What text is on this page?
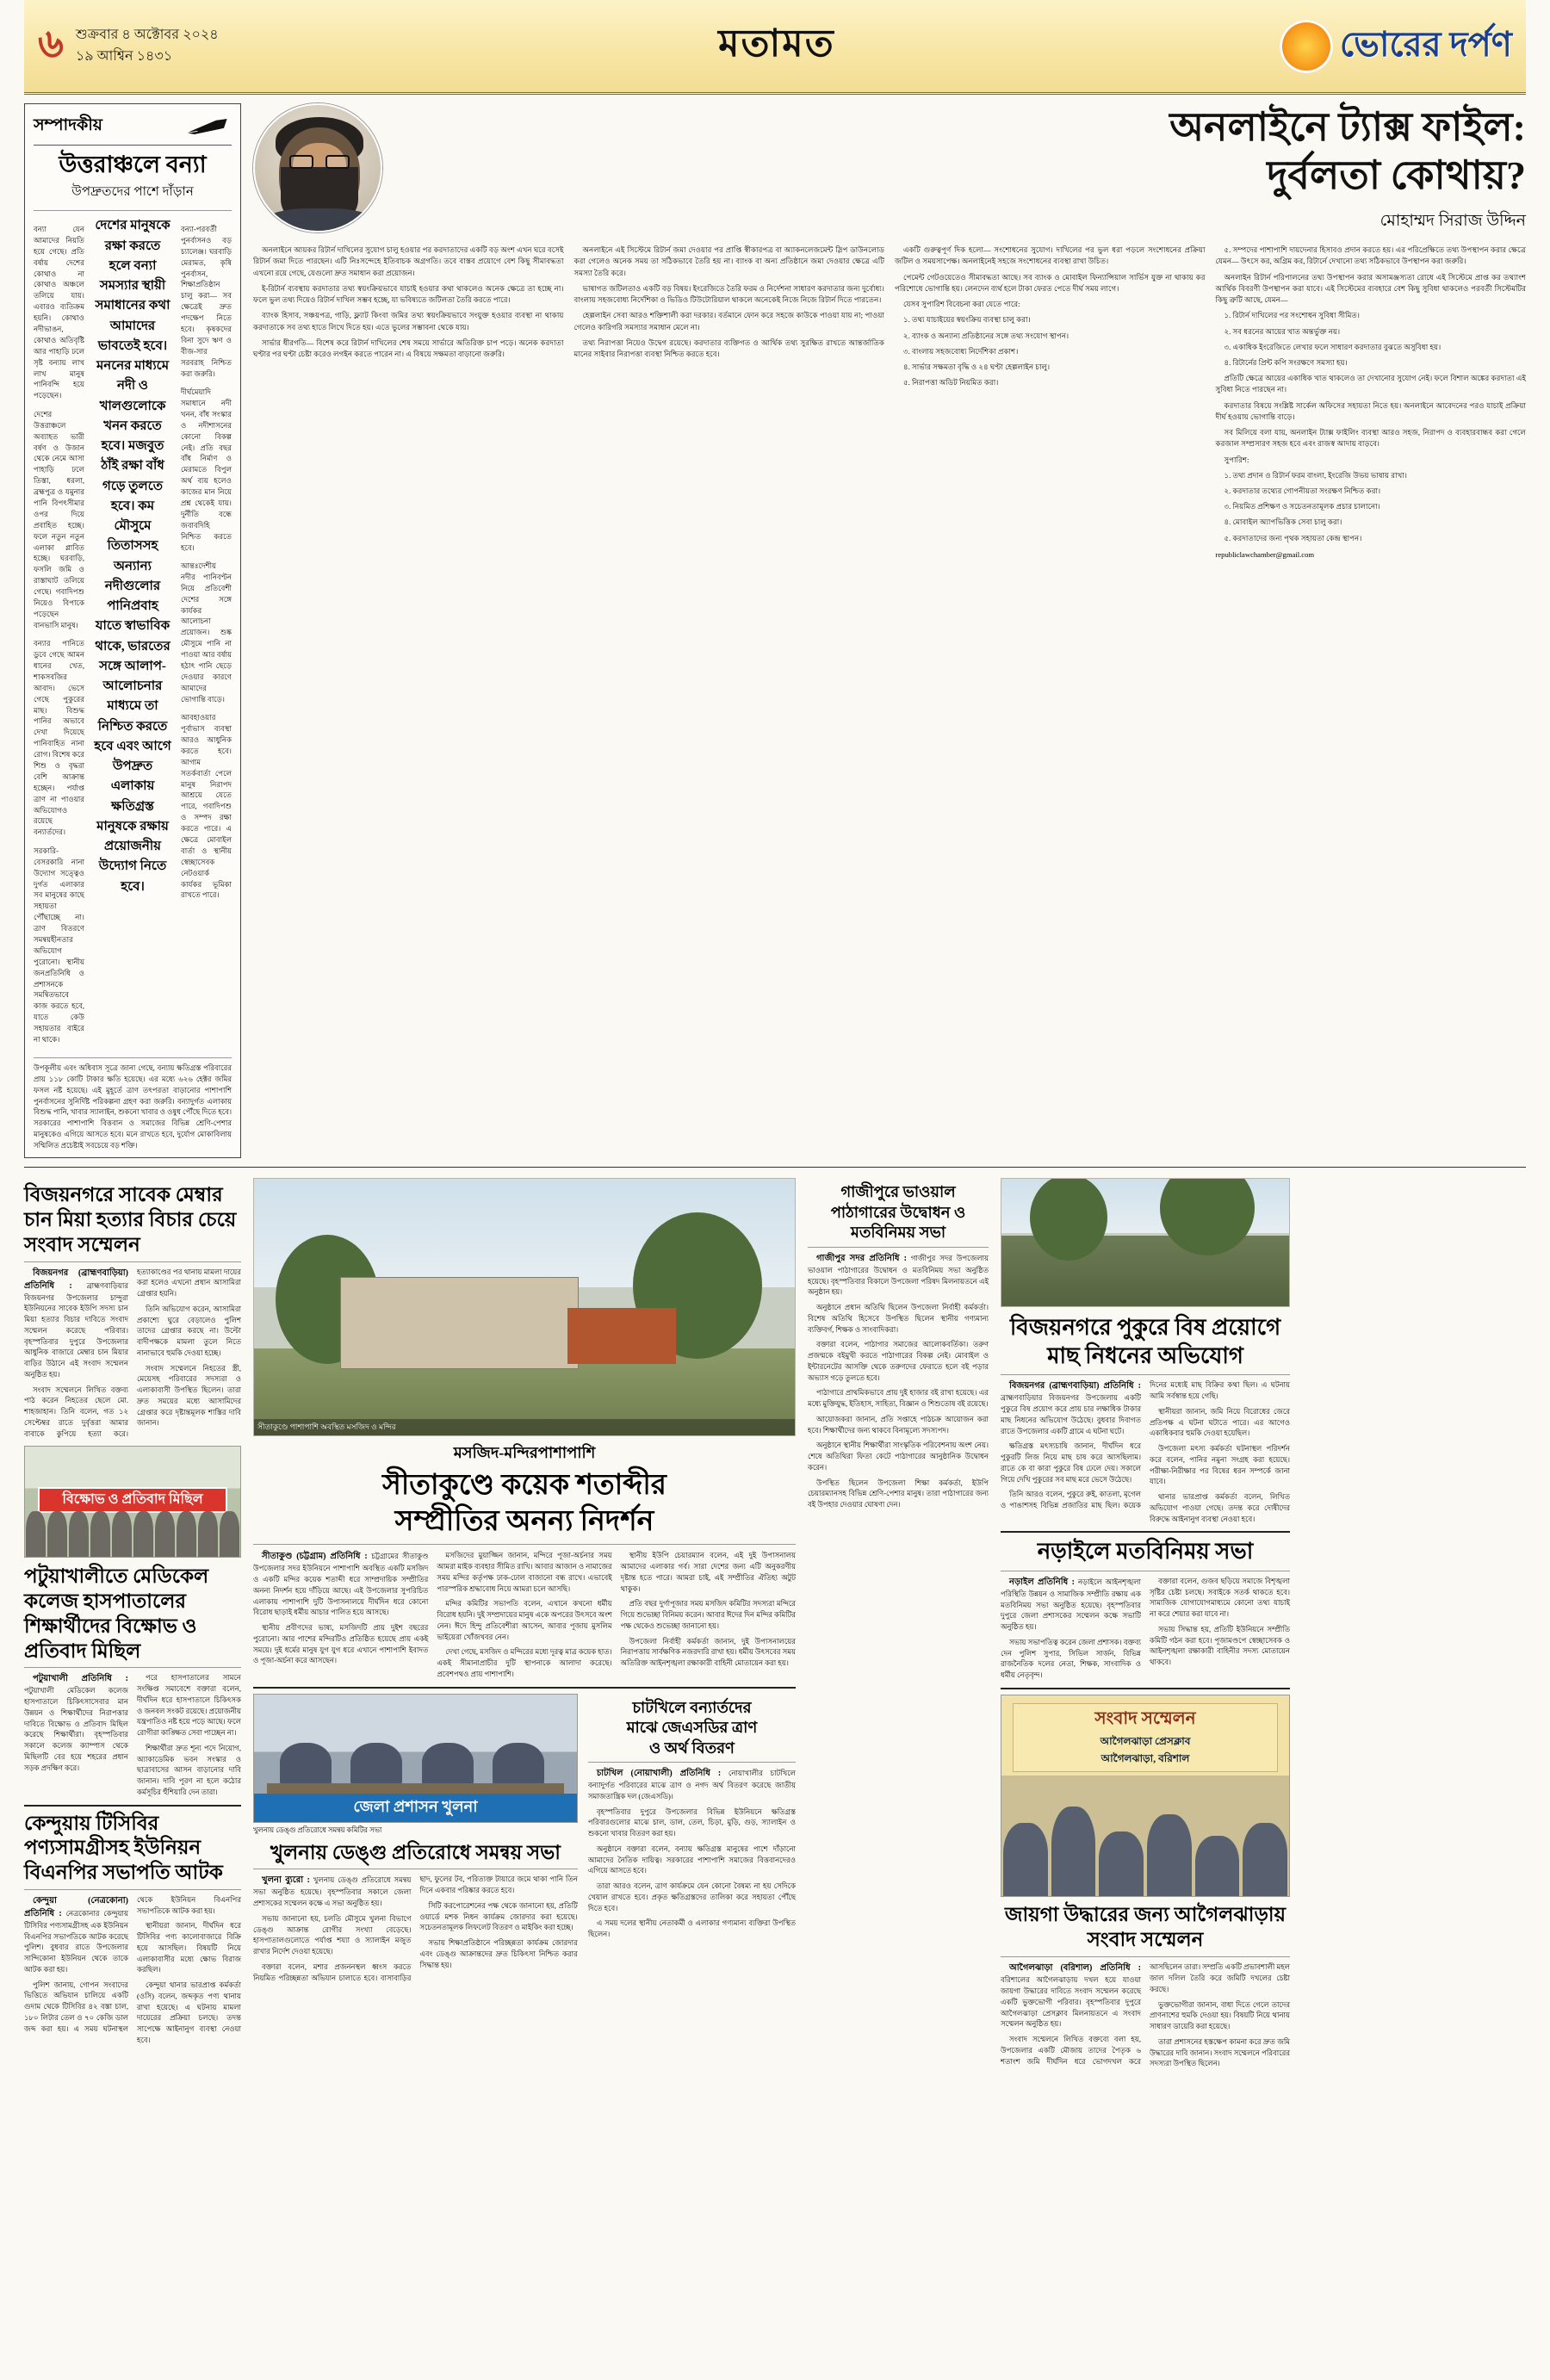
৬ শুক্রবার ৪ অক্টোবর ২০২৪
১৯ আশ্বিন ১৪৩১	মতামত	ভোরের দর্পণ
সম্পাদকীয়
উত্তরাঞ্চলে বন্যা
উপদ্রুতদের পাশে দাঁড়ান

বন্যা যেন আমাদের নিয়তি হয়ে গেছে। প্রতি বর্ষায় দেশের কোথাও না কোথাও অঞ্চলে তলিয়ে যায়। এবারও ব্যতিক্রম হয়নি। কোথাও নদীভাঙন, কোথাও অতিবৃষ্টি আর পাহাড়ি ঢলে সৃষ্ট বন্যায় লাখ লাখ মানুষ পানিবন্দি হয়ে পড়েছেন।

দেশের উত্তরাঞ্চলে অব্যাহত ভারী বর্ষণ ও উজান থেকে নেমে আসা পাহাড়ি ঢলে তিস্তা, ধরলা, ব্রহ্মপুত্র ও যমুনার পানি বিপৎসীমার ওপর দিয়ে প্রবাহিত হচ্ছে। ফলে নতুন নতুন এলাকা প্লাবিত হচ্ছে। ঘরবাড়ি, ফসলি জমি ও রাস্তাঘাট তলিয়ে গেছে। গবাদিপশু নিয়েও বিপাকে পড়েছেন বানভাসি মানুষ।

বন্যার পানিতে ডুবে গেছে আমন ধানের খেত, শাকসবজির আবাদ। ভেসে গেছে পুকুরের মাছ। বিশুদ্ধ পানির অভাবে দেখা দিয়েছে পানিবাহিত নানা রোগ। বিশেষ করে শিশু ও বৃদ্ধরা বেশি আক্রান্ত হচ্ছেন। পর্যাপ্ত ত্রাণ না পাওয়ার অভিযোগও রয়েছে বন্যার্তদের।

সরকারি-বেসরকারি নানা উদ্যোগ সত্ত্বেও দুর্গত এলাকার সব মানুষের কাছে সহায়তা পৌঁছাচ্ছে না। ত্রাণ বিতরণে সমন্বয়হীনতার অভিযোগ পুরোনো। স্থানীয় জনপ্রতিনিধি ও প্রশাসনকে সমন্বিতভাবে কাজ করতে হবে, যাতে কেউ সহায়তার বাইরে না থাকে।

দেশের মানুষকে রক্ষা করতে হলে বন্যা সমস্যার স্থায়ী সমাধানের কথা আমাদের ভাবতেই হবে। মননের মাধ্যমে নদী ও খালগুলোকে খনন করতে হবে। মজবুত ঠাঁই রক্ষা বাঁধ গড়ে তুলতে হবে। কম মৌসুমে তিতাসসহ অন্যান্য নদীগুলোর পানিপ্রবাহ যাতে স্বাভাবিক থাকে, ভারতের সঙ্গে আলাপ-আলোচনার মাধ্যমে তা নিশ্চিত করতে হবে এবং আগে উপদ্রুত এলাকায় ক্ষতিগ্রস্ত মানুষকে রক্ষায় প্রয়োজনীয় উদ্যোগ নিতে হবে।

বন্যা-পরবর্তী পুনর্বাসনও বড় চ্যালেঞ্জ। ঘরবাড়ি মেরামত, কৃষি পুনর্বাসন, শিক্ষাপ্রতিষ্ঠান চালু করা— সব ক্ষেত্রেই দ্রুত পদক্ষেপ নিতে হবে। কৃষকদের বিনা সুদে ঋণ ও বীজ-সার সরবরাহ নিশ্চিত করা জরুরি।

দীর্ঘমেয়াদি সমাধানে নদী খনন, বাঁধ সংস্কার ও নদীশাসনের কোনো বিকল্প নেই। প্রতি বছর বাঁধ নির্মাণ ও মেরামতে বিপুল অর্থ ব্যয় হলেও কাজের মান নিয়ে প্রশ্ন থেকেই যায়। দুর্নীতি বন্ধে জবাবদিহি নিশ্চিত করতে হবে।

আন্তঃদেশীয় নদীর পানিবণ্টন নিয়ে প্রতিবেশী দেশের সঙ্গে কার্যকর আলোচনা প্রয়োজন। শুষ্ক মৌসুমে পানি না পাওয়া আর বর্ষায় হঠাৎ পানি ছেড়ে দেওয়ার কারণে আমাদের ভোগান্তি বাড়ে।

আবহাওয়ার পূর্বাভাস ব্যবস্থা আরও আধুনিক করতে হবে। আগাম সতর্কবার্তা পেলে মানুষ নিরাপদ আশ্রয়ে যেতে পারে, গবাদিপশু ও সম্পদ রক্ষা করতে পারে। এ ক্ষেত্রে মোবাইল বার্তা ও স্থানীয় স্বেচ্ছাসেবক নেটওয়ার্ক কার্যকর ভূমিকা রাখতে পারে।

উপকূলীয় এবং অধিবাস সূত্রে জানা গেছে, বন্যায় ক্ষতিগ্রস্ত পরিবারের প্রায় ১১৮ কোটি টাকার ক্ষতি হয়েছে। এর মধ্যে ৬২৬ হেক্টর জমির ফসল নষ্ট হয়েছে। এই মুহূর্তে ত্রাণ তৎপরতা বাড়ানোর পাশাপাশি পুনর্বাসনের সুনির্দিষ্ট পরিকল্পনা গ্রহণ করা জরুরি। বন্যাদুর্গত এলাকায় বিশুদ্ধ পানি, খাবার স্যালাইন, শুকনো খাবার ও ওষুধ পৌঁছে দিতে হবে। সরকারের পাশাপাশি বিত্তবান ও সমাজের বিভিন্ন শ্রেণি-পেশার মানুষকেও এগিয়ে আসতে হবে। মনে রাখতে হবে, দুর্যোগ মোকাবিলায় সম্মিলিত প্রচেষ্টাই সবচেয়ে বড় শক্তি।
অনলাইনে ট্যাক্স ফাইল:
দুর্বলতা কোথায়?
মোহাম্মদ সিরাজ উদ্দিন

অনলাইনে আয়কর রিটার্ন দাখিলের সুযোগ চালু হওয়ার পর করদাতাদের একটি বড় অংশ এখন ঘরে বসেই রিটার্ন জমা দিতে পারছেন। এটি নিঃসন্দেহে ইতিবাচক অগ্রগতি। তবে বাস্তব প্রয়োগে বেশ কিছু সীমাবদ্ধতা এখনো রয়ে গেছে, যেগুলো দ্রুত সমাধান করা প্রয়োজন।

ই-রিটার্ন ব্যবস্থায় করদাতার তথ্য স্বয়ংক্রিয়ভাবে যাচাই হওয়ার কথা থাকলেও অনেক ক্ষেত্রে তা হচ্ছে না। ফলে ভুল তথ্য দিয়েও রিটার্ন দাখিল সম্ভব হচ্ছে, যা ভবিষ্যতে জটিলতা তৈরি করতে পারে।

ব্যাংক হিসাব, সঞ্চয়পত্র, গাড়ি, ফ্ল্যাট কিংবা জমির তথ্য স্বয়ংক্রিয়ভাবে সংযুক্ত হওয়ার ব্যবস্থা না থাকায় করদাতাকে সব তথ্য হাতে লিখে দিতে হয়। এতে ভুলের সম্ভাবনা থেকে যায়।

সার্ভার ধীরগতি— বিশেষ করে রিটার্ন দাখিলের শেষ সময়ে সার্ভারে অতিরিক্ত চাপ পড়ে। অনেক করদাতা ঘণ্টার পর ঘণ্টা চেষ্টা করেও লগইন করতে পারেন না। এ বিষয়ে সক্ষমতা বাড়ানো জরুরি।

অনলাইনে এই সিস্টেমে রিটার্ন জমা দেওয়ার পর প্রাপ্তি স্বীকারপত্র বা অ্যাকনলেজমেন্ট স্লিপ ডাউনলোড করা গেলেও অনেক সময় তা সঠিকভাবে তৈরি হয় না। ব্যাংক বা অন্য প্রতিষ্ঠানে জমা দেওয়ার ক্ষেত্রে এটি সমস্যা তৈরি করে।

ভাষাগত জটিলতাও একটি বড় বিষয়। ইংরেজিতে তৈরি ফরম ও নির্দেশনা সাধারণ করদাতার জন্য দুর্বোধ্য। বাংলায় সহজবোধ্য নির্দেশিকা ও ভিডিও টিউটোরিয়াল থাকলে অনেকেই নিজে নিজে রিটার্ন দিতে পারতেন।

হেল্পলাইন সেবা আরও শক্তিশালী করা দরকার। বর্তমানে ফোন করে সহজে কাউকে পাওয়া যায় না; পাওয়া গেলেও কারিগরি সমস্যার সমাধান মেলে না।

তথ্য নিরাপত্তা নিয়েও উদ্বেগ রয়েছে। করদাতার ব্যক্তিগত ও আর্থিক তথ্য সুরক্ষিত রাখতে আন্তর্জাতিক মানের সাইবার নিরাপত্তা ব্যবস্থা নিশ্চিত করতে হবে।

একটি গুরুত্বপূর্ণ দিক হলো— সংশোধনের সুযোগ। দাখিলের পর ভুল ধরা পড়লে সংশোধনের প্রক্রিয়া জটিল ও সময়সাপেক্ষ। অনলাইনেই সহজে সংশোধনের ব্যবস্থা রাখা উচিত।

পেমেন্ট গেটওয়েতেও সীমাবদ্ধতা আছে। সব ব্যাংক ও মোবাইল ফিন্যান্সিয়াল সার্ভিস যুক্ত না থাকায় কর পরিশোধে ভোগান্তি হয়। লেনদেন ব্যর্থ হলে টাকা ফেরত পেতে দীর্ঘ সময় লাগে।

যেসব সুপারিশ বিবেচনা করা যেতে পারে:

১. তথ্য যাচাইয়ের স্বয়ংক্রিয় ব্যবস্থা চালু করা।

২. ব্যাংক ও অন্যান্য প্রতিষ্ঠানের সঙ্গে তথ্য সংযোগ স্থাপন।

৩. বাংলায় সহজবোধ্য নির্দেশিকা প্রকাশ।

৪. সার্ভার সক্ষমতা বৃদ্ধি ও ২৪ ঘণ্টা হেল্পলাইন চালু।

৫. নিরাপত্তা অডিট নিয়মিত করা।

৫. সম্পদের পাশাপাশি দায়দেনার হিসাবও প্রদান করতে হয়। এর পরিপ্রেক্ষিতে তথ্য উপস্থাপন করার ক্ষেত্রে যেমন— উৎসে কর, অগ্রিম কর, রিটার্নে দেখানো তথ্য সঠিকভাবে উপস্থাপন করা জরুরি।

অনলাইন রিটার্ন পরিপালনের তথ্য উপস্থাপন করার অসামঞ্জস্যতা রোধে এই সিস্টেমে প্রাপ্ত কর তথ্যাংশ আর্থিক বিবরণী উপস্থাপন করা যাবে। এই সিস্টেমের ব্যবহারে বেশ কিছু সুবিধা থাকলেও পরবর্তী সিস্টেমটির কিছু ত্রুটি আছে, যেমন—

১. রিটার্ন দাখিলের পর সংশোধন সুবিধা সীমিত।

২. সব ধরনের আয়ের খাত অন্তর্ভুক্ত নয়।

৩. একাধিক ইংরেজিতে লেখার ফলে সাধারণ করদাতার বুঝতে অসুবিধা হয়।

৪. রিটার্নের প্রিন্ট কপি সংরক্ষণে সমস্যা হয়।

প্রতিটি ক্ষেত্রে আয়ের একাধিক খাত থাকলেও তা দেখানোর সুযোগ নেই। ফলে বিশাল অঙ্কের করদাতা এই সুবিধা নিতে পারছেন না।

করদাতার বিষয়ে সংশ্লিষ্ট সার্কেল অফিসের সহায়তা নিতে হয়। অনলাইনে আবেদনের পরও যাচাই প্রক্রিয়া দীর্ঘ হওয়ায় ভোগান্তি বাড়ে।

সব মিলিয়ে বলা যায়, অনলাইন ট্যাক্স ফাইলিং ব্যবস্থা আরও সহজ, নিরাপদ ও ব্যবহারবান্ধব করা গেলে করজাল সম্প্রসারণ সহজ হবে এবং রাজস্ব আদায় বাড়বে।

সুপারিশ:

১. তথ্য প্রদান ও রিটার্ন ফরম বাংলা, ইংরেজি উভয় ভাষায় রাখা।

২. করদাতার তথ্যের গোপনীয়তা সংরক্ষণ নিশ্চিত করা।

৩. নিয়মিত প্রশিক্ষণ ও সচেতনতামূলক প্রচার চালানো।

৪. মোবাইল অ্যাপভিত্তিক সেবা চালু করা।

৫. করদাতাদের জন্য পৃথক সহায়তা কেন্দ্র স্থাপন।

republiclawchamber@gmail.com
বিজয়নগরে সাবেক মেম্বার চান মিয়া হত্যার বিচার চেয়ে সংবাদ সম্মেলন

বিজয়নগর (ব্রাহ্মণবাড়িয়া) প্রতিনিধি : ব্রাহ্মণবাড়িয়ার বিজয়নগর উপজেলার চান্দুরা ইউনিয়নের সাবেক ইউপি সদস্য চান মিয়া হত্যার বিচার দাবিতে সংবাদ সম্মেলন করেছে পরিবার। বৃহস্পতিবার দুপুরে উপজেলার আধুনিক বাজারে মেম্বার চান মিয়ার বাড়ির উঠানে এই সংবাদ সম্মেলন অনুষ্ঠিত হয়।

সংবাদ সম্মেলনে লিখিত বক্তব্য পাঠ করেন নিহতের ছেলে মো. শাহজাহান। তিনি বলেন, গত ১২ সেপ্টেম্বর রাতে দুর্বৃত্তরা আমার বাবাকে কুপিয়ে হত্যা করে। হত্যাকাণ্ডের পর থানায় মামলা দায়ের করা হলেও এখনো প্রধান আসামিরা গ্রেপ্তার হয়নি।

তিনি অভিযোগ করেন, আসামিরা প্রকাশ্যে ঘুরে বেড়ালেও পুলিশ তাদের গ্রেপ্তার করছে না। উল্টো বাদীপক্ষকে মামলা তুলে নিতে নানাভাবে হুমকি দেওয়া হচ্ছে।

সংবাদ সম্মেলনে নিহতের স্ত্রী, মেয়েসহ পরিবারের সদস্যরা ও এলাকাবাসী উপস্থিত ছিলেন। তারা দ্রুত সময়ের মধ্যে আসামিদের গ্রেপ্তার করে দৃষ্টান্তমূলক শাস্তির দাবি জানান।

বিক্ষোভ ও প্রতিবাদ মিছিল
পটুয়াখালীতে মেডিকেল কলেজ হাসপাতালের শিক্ষার্থীদের বিক্ষোভ ও প্রতিবাদ মিছিল

পটুয়াখালী প্রতিনিধি : পটুয়াখালী মেডিকেল কলেজ হাসপাতালে চিকিৎসাসেবার মান উন্নয়ন ও শিক্ষার্থীদের নিরাপত্তার দাবিতে বিক্ষোভ ও প্রতিবাদ মিছিল করেছে শিক্ষার্থীরা। বৃহস্পতিবার সকালে কলেজ ক্যাম্পাস থেকে মিছিলটি বের হয়ে শহরের প্রধান সড়ক প্রদক্ষিণ করে।

পরে হাসপাতালের সামনে সংক্ষিপ্ত সমাবেশে বক্তারা বলেন, দীর্ঘদিন ধরে হাসপাতালে চিকিৎসক ও জনবল সংকট রয়েছে। প্রয়োজনীয় যন্ত্রপাতিও নষ্ট হয়ে পড়ে আছে। ফলে রোগীরা কাঙ্ক্ষিত সেবা পাচ্ছেন না।

শিক্ষার্থীরা দ্রুত শূন্য পদে নিয়োগ, অ্যাকাডেমিক ভবন সংস্কার ও ছাত্রাবাসের আসন বাড়ানোর দাবি জানান। দাবি পূরণ না হলে কঠোর কর্মসূচির হুঁশিয়ারি দেন তারা।

কেন্দুয়ায় টিসিবির পণ্যসামগ্রীসহ ইউনিয়ন বিএনপির সভাপতি আটক

কেন্দুয়া (নেত্রকোনা) প্রতিনিধি : নেত্রকোনার কেন্দুয়ায় টিসিবির পণ্যসামগ্রীসহ এক ইউনিয়ন বিএনপির সভাপতিকে আটক করেছে পুলিশ। বুধবার রাতে উপজেলার সান্দিকোনা ইউনিয়ন থেকে তাকে আটক করা হয়।

পুলিশ জানায়, গোপন সংবাদের ভিত্তিতে অভিযান চালিয়ে একটি গুদাম থেকে টিসিবির ৪২ বস্তা চাল, ১৮০ লিটার তেল ও ৭০ কেজি ডাল জব্দ করা হয়। এ সময় ঘটনাস্থল থেকে ইউনিয়ন বিএনপির সভাপতিকে আটক করা হয়।

স্থানীয়রা জানান, দীর্ঘদিন ধরে টিসিবির পণ্য কালোবাজারে বিক্রি হয়ে আসছিল। বিষয়টি নিয়ে এলাকাবাসীর মধ্যে ক্ষোভ বিরাজ করছিল।

কেন্দুয়া থানার ভারপ্রাপ্ত কর্মকর্তা (ওসি) বলেন, জব্দকৃত পণ্য থানায় রাখা হয়েছে। এ ঘটনায় মামলা দায়েরের প্রক্রিয়া চলছে। তদন্ত সাপেক্ষে আইনানুগ ব্যবস্থা নেওয়া হবে।

সীতাকুণ্ডে পাশাপাশি অবস্থিত মসজিদ ও মন্দির
মসজিদ-মন্দিরপাশাপাশি
সীতাকুণ্ডে কয়েক শতাব্দীর
সম্প্রীতির অনন্য নিদর্শন

সীতাকুণ্ড (চট্টগ্রাম) প্রতিনিধি : চট্টগ্রামের সীতাকুণ্ড উপজেলার সদর ইউনিয়নে পাশাপাশি অবস্থিত একটি মসজিদ ও একটি মন্দির কয়েক শতাব্দী ধরে সাম্প্রদায়িক সম্প্রীতির অনন্য নিদর্শন হয়ে দাঁড়িয়ে আছে। এই উপজেলার সুপরিচিত এলাকায় পাশাপাশি দুটি উপাসনালয়ে দীর্ঘদিন ধরে কোনো বিরোধ ছাড়াই ধর্মীয় আচার পালিত হয়ে আসছে।

স্থানীয় প্রবীণদের ভাষ্য, মসজিদটি প্রায় দুইশ বছরের পুরোনো। আর পাশের মন্দিরটিও প্রতিষ্ঠিত হয়েছে প্রায় একই সময়ে। দুই ধর্মের মানুষ যুগ যুগ ধরে এখানে পাশাপাশি ইবাদত ও পূজা-অর্চনা করে আসছেন।

মসজিদের মুয়াজ্জিন জানান, মন্দিরে পূজা-অর্চনার সময় আমরা মাইক ব্যবহার সীমিত রাখি। আবার আজান ও নামাজের সময় মন্দির কর্তৃপক্ষ ঢাক-ঢোল বাজানো বন্ধ রাখে। এভাবেই পারস্পরিক শ্রদ্ধাবোধ নিয়ে আমরা চলে আসছি।

মন্দির কমিটির সভাপতি বলেন, এখানে কখনো ধর্মীয় বিরোধ হয়নি। দুই সম্প্রদায়ের মানুষ একে অপরের উৎসবে অংশ নেন। ঈদে হিন্দু প্রতিবেশীরা আসেন, আবার পূজায় মুসলিম ভাইয়েরা খোঁজখবর নেন।

দেখা গেছে, মসজিদ ও মন্দিরের মধ্যে দূরত্ব মাত্র কয়েক হাত। একই সীমানাপ্রাচীর দুটি স্থাপনাকে আলাদা করেছে। প্রবেশপথও প্রায় পাশাপাশি।

স্থানীয় ইউপি চেয়ারম্যান বলেন, এই দুই উপাসনালয় আমাদের এলাকার গর্ব। সারা দেশের জন্য এটি অনুকরণীয় দৃষ্টান্ত হতে পারে। আমরা চাই, এই সম্প্রীতির ঐতিহ্য অটুট থাকুক।

প্রতি বছর দুর্গাপূজার সময় মসজিদ কমিটির সদস্যরা মন্দিরে গিয়ে শুভেচ্ছা বিনিময় করেন। আবার ঈদের দিন মন্দির কমিটির পক্ষ থেকেও শুভেচ্ছা জানানো হয়।

উপজেলা নির্বাহী কর্মকর্তা জানান, দুই উপাসনালয়ের নিরাপত্তায় সার্বক্ষণিক নজরদারি রাখা হয়। ধর্মীয় উৎসবের সময় অতিরিক্ত আইনশৃঙ্খলা রক্ষাকারী বাহিনী মোতায়েন করা হয়।

জেলা প্রশাসন খুলনা
খুলনায় ডেঙ্গু প্রতিরোধে সমন্বয় কমিটির সভা
খুলনায় ডেঙ্গু প্রতিরোধে সমন্বয় সভা

খুলনা ব্যুরো : খুলনায় ডেঙ্গু প্রতিরোধে সমন্বয় সভা অনুষ্ঠিত হয়েছে। বৃহস্পতিবার সকালে জেলা প্রশাসকের সম্মেলন কক্ষে এ সভা অনুষ্ঠিত হয়।

সভায় জানানো হয়, চলতি মৌসুমে খুলনা বিভাগে ডেঙ্গু আক্রান্ত রোগীর সংখ্যা বেড়েছে। হাসপাতালগুলোতে পর্যাপ্ত শয্যা ও স্যালাইন মজুত রাখার নির্দেশ দেওয়া হয়েছে।

বক্তারা বলেন, মশার প্রজননস্থল ধ্বংস করতে নিয়মিত পরিচ্ছন্নতা অভিযান চালাতে হবে। বাসাবাড়ির ছাদ, ফুলের টব, পরিত্যক্ত টায়ারে জমে থাকা পানি তিন দিনে একবার পরিষ্কার করতে হবে।

সিটি করপোরেশনের পক্ষ থেকে জানানো হয়, প্রতিটি ওয়ার্ডে মশক নিধন কার্যক্রম জোরদার করা হয়েছে। সচেতনতামূলক লিফলেট বিতরণ ও মাইকিং করা হচ্ছে।

সভায় শিক্ষাপ্রতিষ্ঠানে পরিচ্ছন্নতা কার্যক্রম জোরদার এবং ডেঙ্গু আক্রান্তদের দ্রুত চিকিৎসা নিশ্চিত করার সিদ্ধান্ত হয়।

চাটখিলে বন্যার্তদের
মাঝে জেএসডির ত্রাণ
ও অর্থ বিতরণ

চাটখিল (নোয়াখালী) প্রতিনিধি : নোয়াখালীর চাটখিলে বন্যাদুর্গত পরিবারের মাঝে ত্রাণ ও নগদ অর্থ বিতরণ করেছে জাতীয় সমাজতান্ত্রিক দল (জেএসডি)।

বৃহস্পতিবার দুপুরে উপজেলার বিভিন্ন ইউনিয়নে ক্ষতিগ্রস্ত পরিবারগুলোর মাঝে চাল, ডাল, তেল, চিড়া, মুড়ি, গুড়, স্যালাইন ও শুকনো খাবার বিতরণ করা হয়।

অনুষ্ঠানে বক্তারা বলেন, বন্যায় ক্ষতিগ্রস্ত মানুষের পাশে দাঁড়ানো আমাদের নৈতিক দায়িত্ব। সরকারের পাশাপাশি সমাজের বিত্তবানদেরও এগিয়ে আসতে হবে।

তারা আরও বলেন, ত্রাণ কার্যক্রমে যেন কোনো বৈষম্য না হয় সেদিকে খেয়াল রাখতে হবে। প্রকৃত ক্ষতিগ্রস্তদের তালিকা করে সহায়তা পৌঁছে দিতে হবে।

এ সময় দলের স্থানীয় নেতাকর্মী ও এলাকার গণ্যমান্য ব্যক্তিরা উপস্থিত ছিলেন।

গাজীপুরে ভাওয়াল
পাঠাগারের উদ্বোধন ও
মতবিনিময় সভা

গাজীপুর সদর প্রতিনিধি : গাজীপুর সদর উপজেলায় ভাওয়াল পাঠাগারের উদ্বোধন ও মতবিনিময় সভা অনুষ্ঠিত হয়েছে। বৃহস্পতিবার বিকালে উপজেলা পরিষদ মিলনায়তনে এই অনুষ্ঠান হয়।

অনুষ্ঠানে প্রধান অতিথি ছিলেন উপজেলা নির্বাহী কর্মকর্তা। বিশেষ অতিথি হিসেবে উপস্থিত ছিলেন স্থানীয় গণ্যমান্য ব্যক্তিবর্গ, শিক্ষক ও সাংবাদিকরা।

বক্তারা বলেন, পাঠাগার সমাজের আলোকবর্তিকা। তরুণ প্রজন্মকে বইমুখী করতে পাঠাগারের বিকল্প নেই। মোবাইল ও ইন্টারনেটের আসক্তি থেকে তরুণদের ফেরাতে হলে বই পড়ার অভ্যাস গড়ে তুলতে হবে।

পাঠাগারে প্রাথমিকভাবে প্রায় দুই হাজার বই রাখা হয়েছে। এর মধ্যে মুক্তিযুদ্ধ, ইতিহাস, সাহিত্য, বিজ্ঞান ও শিশুতোষ বই রয়েছে।

আয়োজকরা জানান, প্রতি সপ্তাহে পাঠচক্র আয়োজন করা হবে। শিক্ষার্থীদের জন্য থাকবে বিনামূল্যে সদস্যপদ।

অনুষ্ঠানে স্থানীয় শিক্ষার্থীরা সাংস্কৃতিক পরিবেশনায় অংশ নেয়। শেষে অতিথিরা ফিতা কেটে পাঠাগারের আনুষ্ঠানিক উদ্বোধন করেন।

উপস্থিত ছিলেন উপজেলা শিক্ষা কর্মকর্তা, ইউপি চেয়ারম্যানসহ বিভিন্ন শ্রেণি-পেশার মানুষ। তারা পাঠাগারের জন্য বই উপহার দেওয়ার ঘোষণা দেন।

বিজয়নগরে পুকুরে বিষ প্রয়োগে
মাছ নিধনের অভিযোগ

বিজয়নগর (ব্রাহ্মণবাড়িয়া) প্রতিনিধি : ব্রাহ্মণবাড়িয়ার বিজয়নগর উপজেলায় একটি পুকুরে বিষ প্রয়োগ করে প্রায় চার লক্ষাধিক টাকার মাছ নিধনের অভিযোগ উঠেছে। বুধবার দিবাগত রাতে উপজেলার একটি গ্রামে এ ঘটনা ঘটে।

ক্ষতিগ্রস্ত মৎস্যচাষি জানান, দীর্ঘদিন ধরে পুকুরটি লিজ নিয়ে মাছ চাষ করে আসছিলাম। রাতে কে বা কারা পুকুরে বিষ ঢেলে দেয়। সকালে গিয়ে দেখি পুকুরের সব মাছ মরে ভেসে উঠেছে।

তিনি আরও বলেন, পুকুরে রুই, কাতলা, মৃগেল ও পাঙাশসহ বিভিন্ন প্রজাতির মাছ ছিল। কয়েক দিনের মধ্যেই মাছ বিক্রির কথা ছিল। এ ঘটনায় আমি সর্বস্বান্ত হয়ে গেছি।

স্থানীয়রা জানান, জমি নিয়ে বিরোধের জেরে প্রতিপক্ষ এ ঘটনা ঘটাতে পারে। এর আগেও একাধিকবার হুমকি দেওয়া হয়েছিল।

উপজেলা মৎস্য কর্মকর্তা ঘটনাস্থল পরিদর্শন করে বলেন, পানির নমুনা সংগ্রহ করা হয়েছে। পরীক্ষা-নিরীক্ষার পর বিষের ধরন সম্পর্কে জানা যাবে।

থানার ভারপ্রাপ্ত কর্মকর্তা বলেন, লিখিত অভিযোগ পাওয়া গেছে। তদন্ত করে দোষীদের বিরুদ্ধে আইনানুগ ব্যবস্থা নেওয়া হবে।

নড়াইলে মতবিনিময় সভা

নড়াইল প্রতিনিধি : নড়াইলে আইনশৃঙ্খলা পরিস্থিতি উন্নয়ন ও সামাজিক সম্প্রীতি রক্ষায় এক মতবিনিময় সভা অনুষ্ঠিত হয়েছে। বৃহস্পতিবার দুপুরে জেলা প্রশাসকের সম্মেলন কক্ষে সভাটি অনুষ্ঠিত হয়।

সভায় সভাপতিত্ব করেন জেলা প্রশাসক। বক্তব্য দেন পুলিশ সুপার, সিভিল সার্জন, বিভিন্ন রাজনৈতিক দলের নেতা, শিক্ষক, সাংবাদিক ও ধর্মীয় নেতৃবৃন্দ।

বক্তারা বলেন, গুজব ছড়িয়ে সমাজে বিশৃঙ্খলা সৃষ্টির চেষ্টা চলছে। সবাইকে সতর্ক থাকতে হবে। সামাজিক যোগাযোগমাধ্যমে কোনো তথ্য যাচাই না করে শেয়ার করা যাবে না।

সভায় সিদ্ধান্ত হয়, প্রতিটি ইউনিয়নে সম্প্রীতি কমিটি গঠন করা হবে। পূজামণ্ডপে স্বেচ্ছাসেবক ও আইনশৃঙ্খলা রক্ষাকারী বাহিনীর সদস্য মোতায়েন থাকবে।

সংবাদ সম্মেলন
আগৈলঝাড়া প্রেসক্লাব
আগৈলঝাড়া, বরিশাল
জায়গা উদ্ধারের জন্য আগৈলঝাড়ায় সংবাদ সম্মেলন

আগৈলঝাড়া (বরিশাল) প্রতিনিধি : বরিশালের আগৈলঝাড়ায় দখল হয়ে যাওয়া জায়গা উদ্ধারের দাবিতে সংবাদ সম্মেলন করেছে একটি ভুক্তভোগী পরিবার। বৃহস্পতিবার দুপুরে আগৈলঝাড়া প্রেসক্লাব মিলনায়তনে এ সংবাদ সম্মেলন অনুষ্ঠিত হয়।

সংবাদ সম্মেলনে লিখিত বক্তব্যে বলা হয়, উপজেলার একটি মৌজায় তাদের পৈতৃক ৬ শতাংশ জমি দীর্ঘদিন ধরে ভোগদখল করে আসছিলেন তারা। সম্প্রতি একটি প্রভাবশালী মহল জাল দলিল তৈরি করে জমিটি দখলের চেষ্টা করছে।

ভুক্তভোগীরা জানান, বাধা দিতে গেলে তাদের প্রাণনাশের হুমকি দেওয়া হয়। বিষয়টি নিয়ে থানায় সাধারণ ডায়েরি করা হয়েছে।

তারা প্রশাসনের হস্তক্ষেপ কামনা করে দ্রুত জমি উদ্ধারের দাবি জানান। সংবাদ সম্মেলনে পরিবারের সদস্যরা উপস্থিত ছিলেন।
